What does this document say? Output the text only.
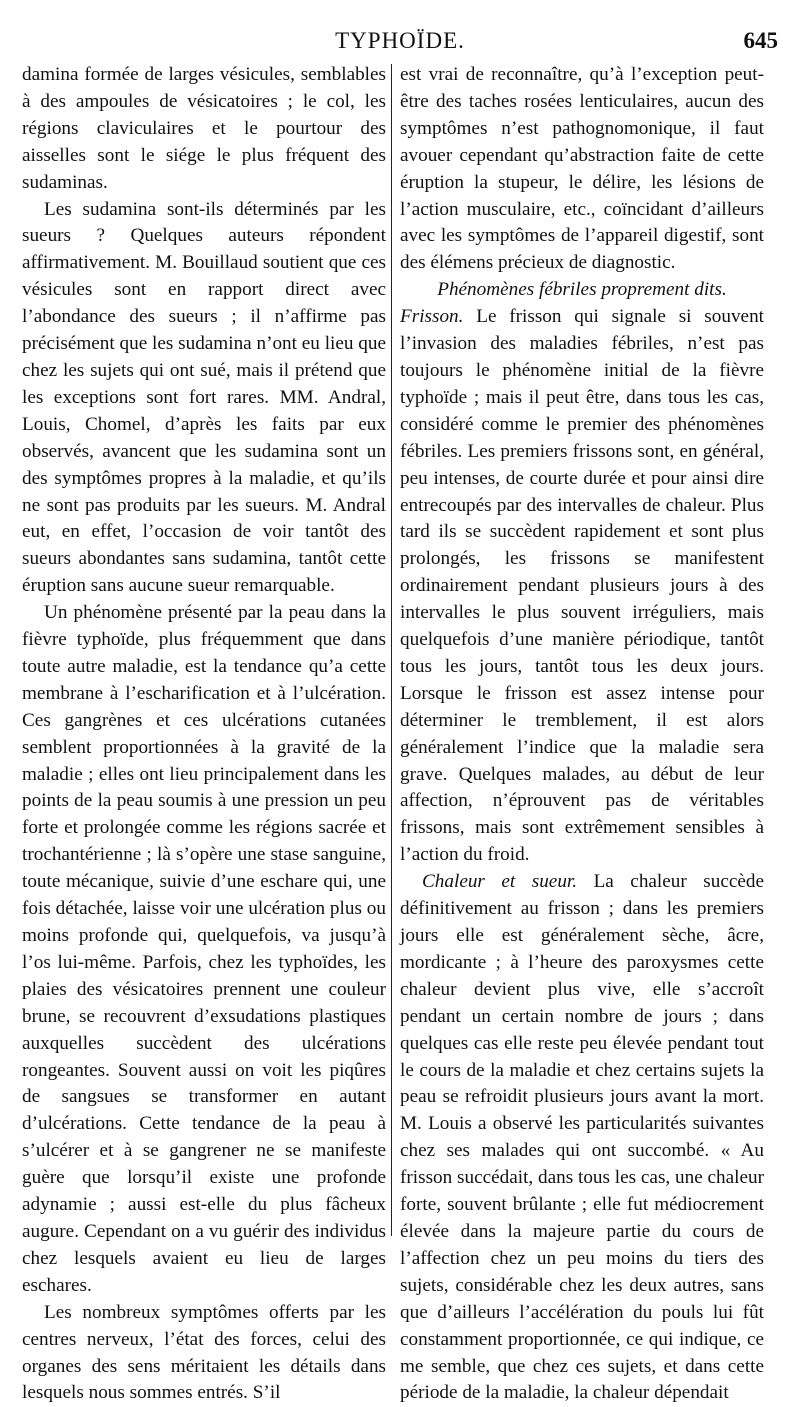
TYPHOÏDE.	645

damina formée de larges vésicules, semblables à des ampoules de vésicatoires ; le col, les régions claviculaires et le pourtour des aisselles sont le siége le plus fréquent des sudaminas.

Les sudamina sont-ils déterminés par les sueurs ? Quelques auteurs répondent affirmativement. M. Bouillaud soutient que ces vésicules sont en rapport direct avec l’abondance des sueurs ; il n’affirme pas précisément que les sudamina n’ont eu lieu que chez les sujets qui ont sué, mais il prétend que les exceptions sont fort rares. MM. Andral, Louis, Chomel, d’après les faits par eux observés, avancent que les sudamina sont un des symptômes propres à la maladie, et qu’ils ne sont pas produits par les sueurs. M. Andral eut, en effet, l’occasion de voir tantôt des sueurs abondantes sans sudamina, tantôt cette éruption sans aucune sueur remarquable.

Un phénomène présenté par la peau dans la fièvre typhoïde, plus fréquemment que dans toute autre maladie, est la tendance qu’a cette membrane à l’escharification et à l’ulcération. Ces gangrènes et ces ulcérations cutanées semblent proportionnées à la gravité de la maladie ; elles ont lieu principalement dans les points de la peau soumis à une pression un peu forte et prolongée comme les régions sacrée et trochantérienne ; là s’opère une stase sanguine, toute mécanique, suivie d’une eschare qui, une fois détachée, laisse voir une ulcération plus ou moins profonde qui, quelquefois, va jusqu’à l’os lui-même. Parfois, chez les typhoïdes, les plaies des vésicatoires prennent une couleur brune, se recouvrent d’exsudations plastiques auxquelles succèdent des ulcérations rongeantes. Souvent aussi on voit les piqûres de sangsues se transformer en autant d’ulcérations. Cette tendance de la peau à s’ulcérer et à se gangrener ne se manifeste guère que lorsqu’il existe une profonde adynamie ; aussi est-elle du plus fâcheux augure. Cependant on a vu guérir des individus chez lesquels avaient eu lieu de larges eschares.

Les nombreux symptômes offerts par les centres nerveux, l’état des forces, celui des organes des sens méritaient les détails dans lesquels nous sommes entrés. S’il

est vrai de reconnaître, qu’à l’exception peut-être des taches rosées lenticulaires, aucun des symptômes n’est pathognomonique, il faut avouer cependant qu’abstraction faite de cette éruption la stupeur, le délire, les lésions de l’action musculaire, etc., coïncidant d’ailleurs avec les symptômes de l’appareil digestif, sont des élémens précieux de diagnostic.

Phénomènes fébriles proprement dits.

Frisson. Le frisson qui signale si souvent l’invasion des maladies fébriles, n’est pas toujours le phénomène initial de la fièvre typhoïde ; mais il peut être, dans tous les cas, considéré comme le premier des phénomènes fébriles. Les premiers frissons sont, en général, peu intenses, de courte durée et pour ainsi dire entrecoupés par des intervalles de chaleur. Plus tard ils se succèdent rapidement et sont plus prolongés, les frissons se manifestent ordinairement pendant plusieurs jours à des intervalles le plus souvent irréguliers, mais quelquefois d’une manière périodique, tantôt tous les jours, tantôt tous les deux jours. Lorsque le frisson est assez intense pour déterminer le tremblement, il est alors généralement l’indice que la maladie sera grave. Quelques malades, au début de leur affection, n’éprouvent pas de véritables frissons, mais sont extrêmement sensibles à l’action du froid.

Chaleur et sueur. La chaleur succède définitivement au frisson ; dans les premiers jours elle est généralement sèche, âcre, mordicante ; à l’heure des paroxysmes cette chaleur devient plus vive, elle s’accroît pendant un certain nombre de jours ; dans quelques cas elle reste peu élevée pendant tout le cours de la maladie et chez certains sujets la peau se refroidit plusieurs jours avant la mort. M. Louis a observé les particularités suivantes chez ses malades qui ont succombé. « Au frisson succédait, dans tous les cas, une chaleur forte, souvent brûlante ; elle fut médiocrement élevée dans la majeure partie du cours de l’affection chez un peu moins du tiers des sujets, considérable chez les deux autres, sans que d’ailleurs l’accélération du pouls lui fût constamment proportionnée, ce qui indique, ce me semble, que chez ces sujets, et dans cette période de la maladie, la chaleur dépendait
